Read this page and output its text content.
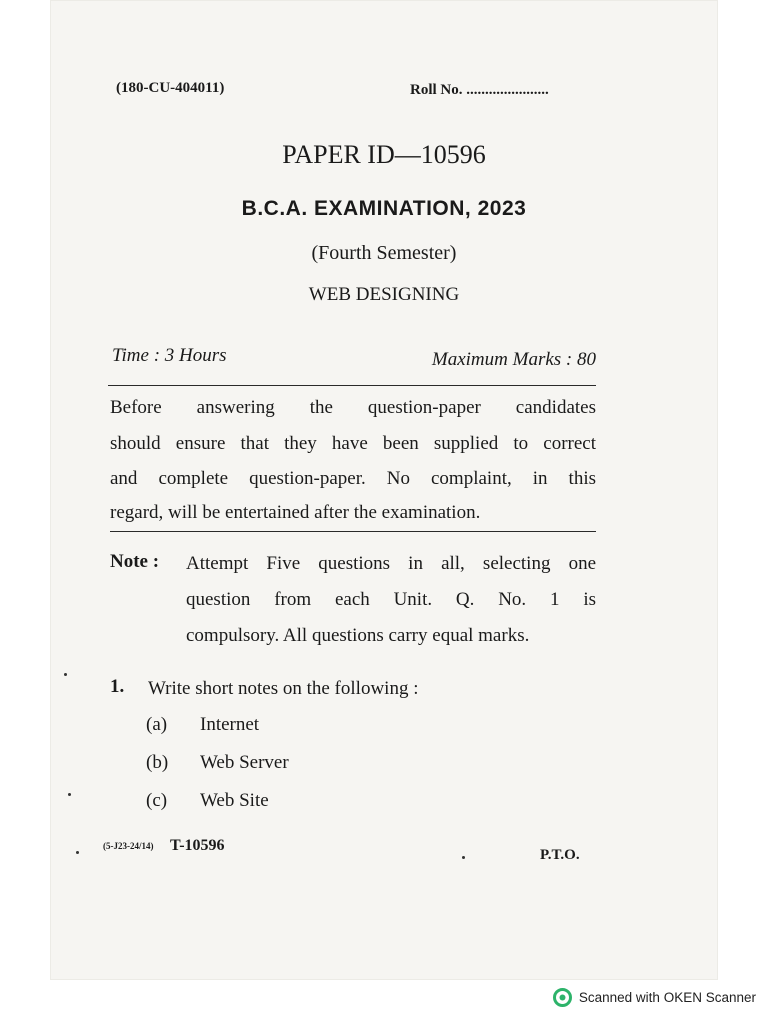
(180-CU-404011)	Roll No. ......................
PAPER ID—10596
B.C.A. EXAMINATION, 2023
(Fourth Semester)
WEB DESIGNING
Time : 3 Hours	Maximum Marks : 80
Before answering the question-paper candidates
should ensure that they have been supplied to correct
and complete question-paper. No complaint, in this
regard, will be entertained after the examination.
Note : Attempt Five questions in all, selecting one
question from each Unit. Q. No. 1 is
compulsory. All questions carry equal marks.
1. Write short notes on the following :
(a) Internet
(b) Web Server
(c) Web Site
(5-J23-24/14) T-10596
P.T.O.
Scanned with OKEN Scanner
